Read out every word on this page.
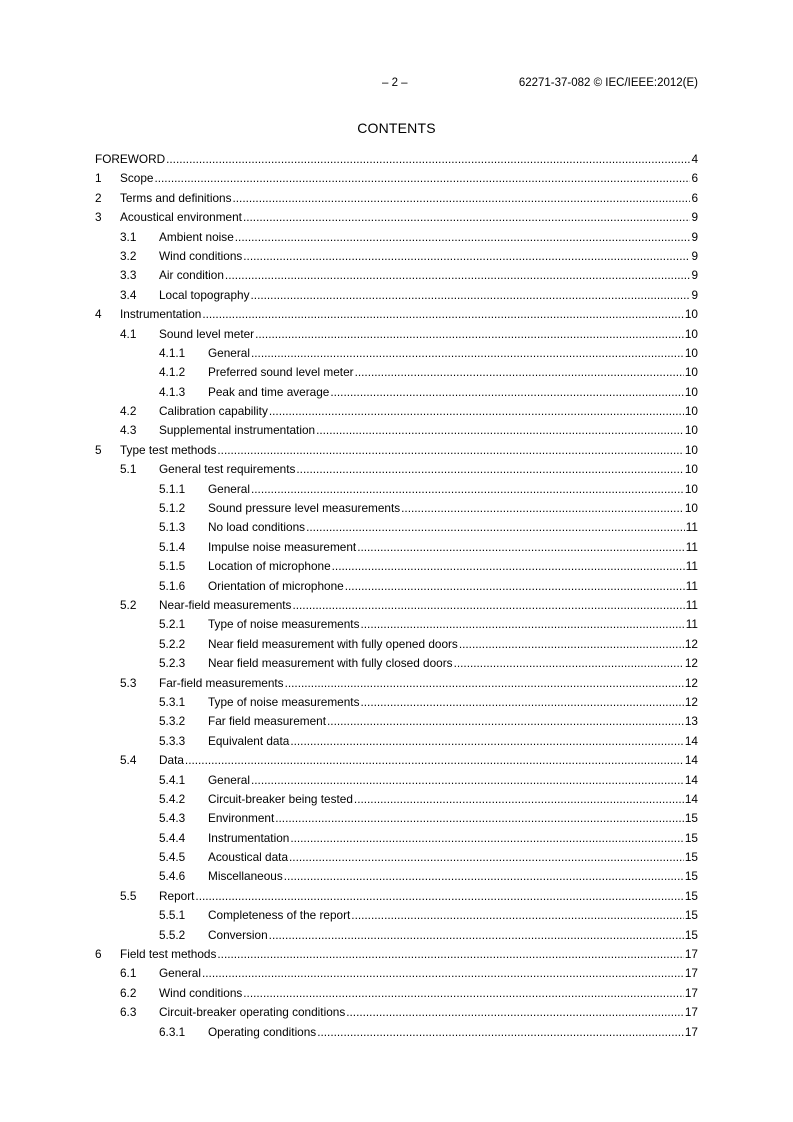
– 2 –	62271-37-082 © IEC/IEEE:2012(E)
CONTENTS
FOREWORD .....	4
1 Scope .....	6
2 Terms and definitions .....	6
3 Acoustical environment .....	9
3.1 Ambient noise .....	9
3.2 Wind conditions .....	9
3.3 Air condition .....	9
3.4 Local topography .....	9
4 Instrumentation .....	10
4.1 Sound level meter .....	10
4.1.1 General .....	10
4.1.2 Preferred sound level meter .....	10
4.1.3 Peak and time average .....	10
4.2 Calibration capability .....	10
4.3 Supplemental instrumentation .....	10
5 Type test methods .....	10
5.1 General test requirements .....	10
5.1.1 General .....	10
5.1.2 Sound pressure level measurements .....	10
5.1.3 No load conditions .....	11
5.1.4 Impulse noise measurement .....	11
5.1.5 Location of microphone .....	11
5.1.6 Orientation of microphone .....	11
5.2 Near-field measurements .....	11
5.2.1 Type of noise measurements .....	11
5.2.2 Near field measurement with fully opened doors .....	12
5.2.3 Near field measurement with fully closed doors .....	12
5.3 Far-field measurements .....	12
5.3.1 Type of noise measurements .....	12
5.3.2 Far field measurement .....	13
5.3.3 Equivalent data .....	14
5.4 Data .....	14
5.4.1 General .....	14
5.4.2 Circuit-breaker being tested .....	14
5.4.3 Environment .....	15
5.4.4 Instrumentation .....	15
5.4.5 Acoustical data .....	15
5.4.6 Miscellaneous .....	15
5.5 Report .....	15
5.5.1 Completeness of the report .....	15
5.5.2 Conversion .....	15
6 Field test methods .....	17
6.1 General .....	17
6.2 Wind conditions .....	17
6.3 Circuit-breaker operating conditions .....	17
6.3.1 Operating conditions .....	17
